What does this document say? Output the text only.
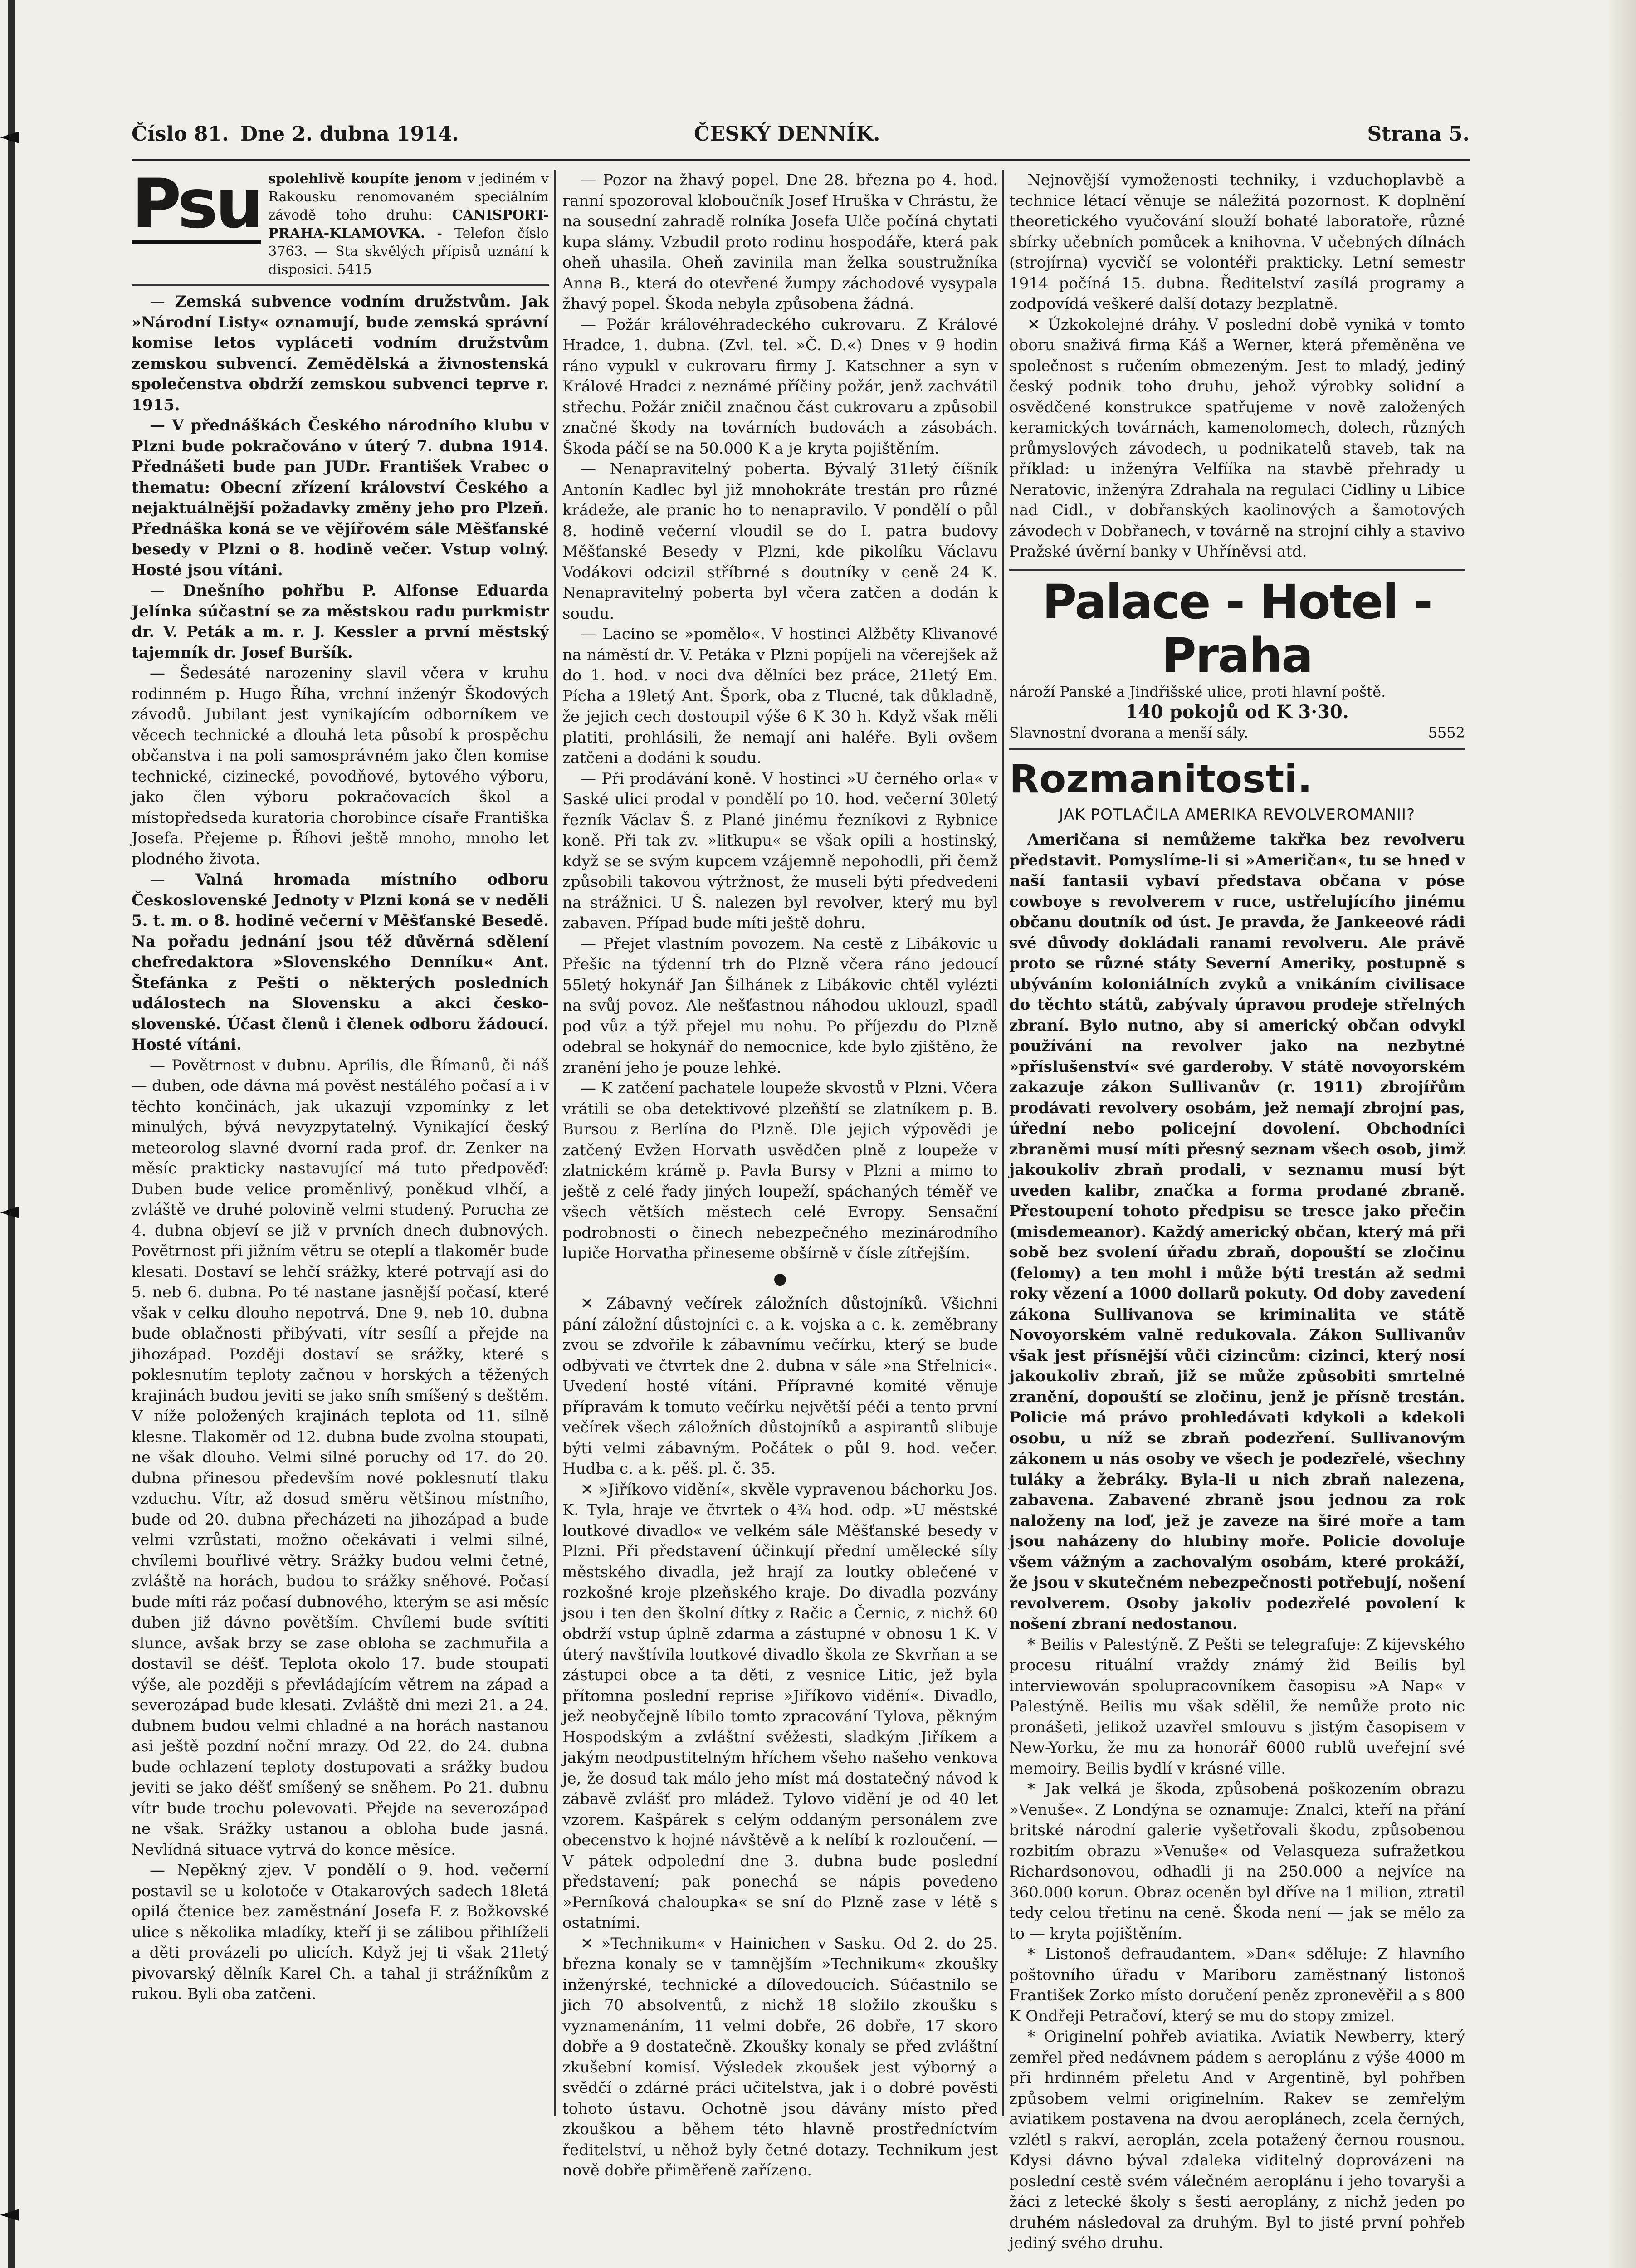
Číslo 81. Dne 2. dubna 1914.	ČESKÝ DENNÍK.	Strana 5.
Psu spolehlivě koupíte jenom v jediném v Rakousku renomovaném speciálním závodě toho druhu: CANISPORT-PRAHA-KLAMOVKA. - Telefon číslo 3763. — Sta skvělých přípisů uznání k disposici. 5415

— Zemská subvence vodním družstvům. Jak »Národní Listy« oznamují, bude zemská správní komise letos vypláceti vodním družstvům zemskou subvencí. Zemědělská a živnostenská společenstva obdrží zemskou subvenci teprve r. 1915.

— V přednáškách Českého národního klubu v Plzni bude pokračováno v úterý 7. dubna 1914. Přednášeti bude pan JUDr. František Vrabec o thematu: Obecní zřízení království Českého a nejaktuálnější požadavky změny jeho pro Plzeň. Přednáška koná se ve vějířovém sále Měšťanské besedy v Plzni o 8. hodině večer. Vstup volný. Hosté jsou vítáni.

— Dnešního pohřbu P. Alfonse Eduarda Jelínka súčastní se za městskou radu purkmistr dr. V. Peták a m. r. J. Kessler a první městský tajemník dr. Josef Buršík.

— Šedesáté narozeniny slavil včera v kruhu rodinném p. Hugo Říha, vrchní inženýr Škodových závodů. Jubilant jest vynikajícím odborníkem ve věcech technické a dlouhá leta působí k prospěchu občanstva i na poli samosprávném jako člen komise technické, cizinecké, povodňové, bytového výboru, jako člen výboru pokračovacích škol a místopředseda kuratoria chorobince císaře Františka Josefa. Přejeme p. Říhovi ještě mnoho, mnoho let plodného života.

— Valná hromada místního odboru Československé Jednoty v Plzni koná se v neděli 5. t. m. o 8. hodině večerní v Měšťanské Besedě. Na pořadu jednání jsou též důvěrná sdělení chefredaktora »Slovenského Denníku« Ant. Štefánka z Pešti o některých posledních událostech na Slovensku a akci česko-slovenské. Účast členů i členek odboru žádoucí. Hosté vítáni.

— Povětrnost v dubnu. Aprilis, dle Římanů, či náš — duben, ode dávna má pověst nestálého počasí a i v těchto končinách, jak ukazují vzpomínky z let minulých, bývá nevyzpytatelný. Vynikající český meteorolog slavné dvorní rada prof. dr. Zenker na měsíc prakticky nastavující má tuto předpověď: Duben bude velice proměnlivý, poněkud vlhčí, a zvláště ve druhé polovině velmi studený. Porucha ze 4. dubna objeví se již v prvních dnech dubnových. Povětrnost při jižním větru se oteplí a tlakoměr bude klesati. Dostaví se lehčí srážky, které potrvají asi do 5. neb 6. dubna. Po té nastane jasnější počasí, které však v celku dlouho nepotrvá. Dne 9. neb 10. dubna bude oblačnosti přibývati, vítr sesílí a přejde na jihozápad. Později dostaví se srážky, které s poklesnutím teploty začnou v horských a těžených krajinách budou jeviti se jako sníh smíšený s deštěm. V níže položených krajinách teplota od 11. silně klesne. Tlakoměr od 12. dubna bude zvolna stoupati, ne však dlouho. Velmi silné poruchy od 17. do 20. dubna přinesou především nové poklesnutí tlaku vzduchu. Vítr, až dosud směru většinou místního, bude od 20. dubna přecházeti na jihozápad a bude velmi vzrůstati, možno očekávati i velmi silné, chvílemi bouřlivé větry. Srážky budou velmi četné, zvláště na horách, budou to srážky sněhové. Počasí bude míti ráz počasí dubnového, kterým se asi měsíc duben již dávno povětším. Chvílemi bude svítiti slunce, avšak brzy se zase obloha se zachmuřila a dostavil se déšť. Teplota okolo 17. bude stoupati výše, ale později s převládajícím větrem na západ a severozápad bude klesati. Zvláště dni mezi 21. a 24. dubnem budou velmi chladné a na horách nastanou asi ještě pozdní noční mrazy. Od 22. do 24. dubna bude ochlazení teploty dostupovati a srážky budou jeviti se jako déšť smíšený se sněhem. Po 21. dubnu vítr bude trochu polevovati. Přejde na severozápad ne však. Srážky ustanou a obloha bude jasná. Nevlídná situace vytrvá do konce měsíce.

— Nepěkný zjev. V pondělí o 9. hod. večerní postavil se u kolotoče v Otakarových sadech 18letá opilá čtenice bez zaměstnání Josefa F. z Božkovské ulice s několika mladíky, kteří ji se zálibou přihlíželi a děti provázeli po ulicích. Když jej ti však 21letý pivovarský dělník Karel Ch. a tahal ji strážníkům z rukou. Byli oba zatčeni.

— Pozor na žhavý popel. Dne 28. března po 4. hod. ranní spozoroval kloboučník Josef Hruška v Chrástu, že na sousední zahradě rolníka Josefa Ulče počíná chytati kupa slámy. Vzbudil proto rodinu hospodáře, která pak oheň uhasila. Oheň zavinila man želka soustružníka Anna B., která do otevřené žumpy záchodové vysypala žhavý popel. Škoda nebyla způsobena žádná.

— Požár královéhradeckého cukrovaru. Z Králové Hradce, 1. dubna. (Zvl. tel. »Č. D.«) Dnes v 9 hodin ráno vypukl v cukrovaru firmy J. Katschner a syn v Králové Hradci z neznámé příčiny požár, jenž zachvátil střechu. Požár zničil značnou část cukrovaru a způsobil značné škody na továrních budovách a zásobách. Škoda páčí se na 50.000 K a je kryta pojištěním.

— Nenapravitelný poberta. Bývalý 31letý číšník Antonín Kadlec byl již mnohokráte trestán pro různé krádeže, ale pranic ho to nenapravilo. V pondělí o půl 8. hodině večerní vloudil se do I. patra budovy Měšťanské Besedy v Plzni, kde pikolíku Václavu Vodákovi odcizil stříbrné s doutníky v ceně 24 K. Nenapravitelný poberta byl včera zatčen a dodán k soudu.

— Lacino se »pomělo«. V hostinci Alžběty Klivanové na náměstí dr. V. Petáka v Plzni popíjeli na včerejšek až do 1. hod. v noci dva dělníci bez práce, 21letý Em. Pícha a 19letý Ant. Špork, oba z Tlucné, tak důkladně, že jejich cech dostoupil výše 6 K 30 h. Když však měli platiti, prohlásili, že nemají ani haléře. Byli ovšem zatčeni a dodáni k soudu.

— Při prodávání koně. V hostinci »U černého orla« v Saské ulici prodal v pondělí po 10. hod. večerní 30letý řezník Václav Š. z Plané jinému řezníkovi z Rybnice koně. Při tak zv. »litkupu« se však opili a hostinský, když se se svým kupcem vzájemně nepohodli, při čemž způsobili takovou výtržnost, že museli býti předvedeni na strážnici. U Š. nalezen byl revolver, který mu byl zabaven. Případ bude míti ještě dohru.

— Přejet vlastním povozem. Na cestě z Libákovic u Přešic na týdenní trh do Plzně včera ráno jedoucí 55letý hokynář Jan Šilhánek z Libákovic chtěl vylézti na svůj povoz. Ale nešťastnou náhodou uklouzl, spadl pod vůz a týž přejel mu nohu. Po příjezdu do Plzně odebral se hokynář do nemocnice, kde bylo zjištěno, že zranění jeho je pouze lehké.

— K zatčení pachatele loupeže skvostů v Plzni. Včera vrátili se oba detektivové plzeňští se zlatníkem p. B. Bursou z Berlína do Plzně. Dle jejich výpovědi je zatčený Evžen Horvath usvědčen plně z loupeže v zlatnickém krámě p. Pavla Bursy v Plzni a mimo to ještě z celé řady jiných loupeží, spáchaných téměř ve všech větších městech celé Evropy. Sensační podrobnosti o činech nebezpečného mezinárodního lupiče Horvatha přineseme obšírně v čísle zítřejším.

●

✕ Zábavný večírek záložních důstojníků. Všichni pání záložní důstojníci c. a k. vojska a c. k. zeměbrany zvou se zdvořile k zábavnímu večírku, který se bude odbývati ve čtvrtek dne 2. dubna v sále »na Střelnici«. Uvedení hosté vítáni. Přípravné komité věnuje přípravám k tomuto večírku největší péči a tento první večírek všech záložních důstojníků a aspirantů slibuje býti velmi zábavným. Počátek o půl 9. hod. večer. Hudba c. a k. pěš. pl. č. 35.

✕ »Jiříkovo vidění«, skvěle vypravenou báchorku Jos. K. Tyla, hraje ve čtvrtek o 4¾ hod. odp. »U městské loutkové divadlo« ve velkém sále Měšťanské besedy v Plzni. Při představení účinkují přední umělecké síly městského divadla, jež hrají za loutky oblečené v rozkošné kroje plzeňského kraje. Do divadla pozvány jsou i ten den školní dítky z Račic a Černic, z nichž 60 obdrží vstup úplně zdarma a zástupné v obnosu 1 K. V úterý navštívila loutkové divadlo škola ze Skvrňan a se zástupci obce a ta děti, z vesnice Litic, jež byla přítomna poslední reprise »Jiříkovo vidění«. Divadlo, jež neobyčejně líbilo tomto zpracování Tylova, pěkným Hospodským a zvláštní svěžesti, sladkým Jiříkem a jakým neodpustitelným hříchem všeho našeho venkova je, že dosud tak málo jeho míst má dostatečný návod k zábavě zvlášť pro mládež. Tylovo vidění je od 40 let vzorem. Kašpárek s celým oddaným personálem zve obecenstvo k hojné návštěvě a k nelíbí k rozloučení. — V pátek odpolední dne 3. dubna bude poslední představení; pak ponechá se nápis povedeno »Perníková chaloupka« se sní do Plzně zase v létě s ostatními.

✕ »Technikum« v Hainichen v Sasku. Od 2. do 25. března konaly se v tamnějším »Technikum« zkoušky inženýrské, technické a dílovedoucích. Súčastnilo se jich 70 absolventů, z nichž 18 složilo zkoušku s vyznamenáním, 11 velmi dobře, 26 dobře, 17 skoro dobře a 9 dostatečně. Zkoušky konaly se před zvláštní zkušební komisí. Výsledek zkoušek jest výborný a svědčí o zdárné práci učitelstva, jak i o dobré pověsti tohoto ústavu. Ochotně jsou dávány místo před zkouškou a během této hlavně prostředníctvím ředitelství, u něhož byly četné dotazy. Technikum jest nově dobře přiměřeně zařízeno.

Nejnovější vymoženosti techniky, i vzduchoplavbě a technice létací věnuje se náležitá pozornost. K doplnění theoretického vyučování slouží bohaté laboratoře, různé sbírky učebních pomůcek a knihovna. V učebných dílnách (strojírna) vycvičí se volontéři prakticky. Letní semestr 1914 počíná 15. dubna. Ředitelství zasílá programy a zodpovídá veškeré další dotazy bezplatně.

✕ Úzkokolejné dráhy. V poslední době vyniká v tomto oboru snaživá firma Káš a Werner, která přeměněna ve společnost s ručením obmezeným. Jest to mladý, jediný český podnik toho druhu, jehož výrobky solidní a osvědčené konstrukce spatřujeme v nově založených keramických továrnách, kamenolomech, dolech, různých průmyslových závodech, u podnikatelů staveb, tak na příklad: u inženýra Velfííka na stavbě přehrady u Neratovic, inženýra Zdrahala na regulaci Cidliny u Libice nad Cidl., v dobřanských kaolinových a šamotových závodech v Dobřanech, v továrně na strojní cihly a stavivo Pražské úvěrní banky v Uhříněvsi atd.

Palace - Hotel - Praha
nároží Panské a Jindřišské ulice, proti hlavní poště.
140 pokojů od K 3·30.
Slavnostní dvorana a menší sály.	5552
Rozmanitosti.
JAK POTLAČILA AMERIKA REVOLVEROMANII?

Američana si nemůžeme takřka bez revolveru představit. Pomyslíme-li si »Američan«, tu se hned v naší fantasii vybaví představa občana v póse cowboye s revolverem v ruce, ustřelujícího jinému občanu doutník od úst. Je pravda, že Jankeeové rádi své důvody dokládali ranami revolveru. Ale právě proto se různé státy Severní Ameriky, postupně s ubýváním koloniálních zvyků a vnikáním civilisace do těchto států, zabývaly úpravou prodeje střelných zbraní. Bylo nutno, aby si americký občan odvykl používání na revolver jako na nezbytné »příslušenství« své garderoby. V státě novoyorském zakazuje zákon Sullivanův (r. 1911) zbrojířům prodávati revolvery osobám, jež nemají zbrojní pas, úřední nebo policejní dovolení. Obchodníci zbraněmi musí míti přesný seznam všech osob, jimž jakoukoliv zbraň prodali, v seznamu musí být uveden kalibr, značka a forma prodané zbraně. Přestoupení tohoto předpisu se tresce jako přečin (misdemeanor). Každý americký občan, který má při sobě bez svolení úřadu zbraň, dopouští se zločinu (felomy) a ten mohl i může býti trestán až sedmi roky vězení a 1000 dollarů pokuty. Od doby zavedení zákona Sullivanova se kriminalita ve státě Novoyorském valně redukovala. Zákon Sullivanův však jest přísnější vůči cizincům: cizinci, který nosí jakoukoliv zbraň, již se může způsobiti smrtelné zranění, dopouští se zločinu, jenž je přísně trestán. Policie má právo prohledávati kdykoli a kdekoli osobu, u níž se zbraň podezření. Sullivanovým zákonem u nás osoby ve všech je podezřelé, všechny tuláky a žebráky. Byla-li u nich zbraň nalezena, zabavena. Zabavené zbraně jsou jednou za rok naloženy na loď, jež je zaveze na širé moře a tam jsou naházeny do hlubiny moře. Policie dovoluje všem vážným a zachovalým osobám, které prokáží, že jsou v skutečném nebezpečnosti potřebují, nošení revolverem. Osoby jakoliv podezřelé povolení k nošení zbraní nedostanou.

* Beilis v Palestýně. Z Pešti se telegrafuje: Z kijevského procesu rituální vraždy známý žid Beilis byl interviewován spolupracovníkem časopisu »A Nap« v Palestýně. Beilis mu však sdělil, že nemůže proto nic pronášeti, jelikož uzavřel smlouvu s jistým časopisem v New-Yorku, že mu za honorář 6000 rublů uveřejní své memoiry. Beilis bydlí v krásné ville.

* Jak velká je škoda, způsobená poškozením obrazu »Venuše«. Z Londýna se oznamuje: Znalci, kteří na přání britské národní galerie vyšetřovali škodu, způsobenou rozbitím obrazu »Venuše« od Velasqueza sufražetkou Richardsonovou, odhadli ji na 250.000 a nejvíce na 360.000 korun. Obraz oceněn byl dříve na 1 milion, ztratil tedy celou třetinu na ceně. Škoda není — jak se mělo za to — kryta pojištěním.

* Listonoš defraudantem. »Dan« sděluje: Z hlavního poštovního úřadu v Mariboru zaměstnaný listonoš František Zorko místo doručení peněz zpronevěřil a s 800 K Ondřeji Petračoví, který se mu do stopy zmizel.

* Originelní pohřeb aviatika. Aviatik Newberry, který zemřel před nedávnem pádem s aeroplánu z výše 4000 m při hrdinném přeletu And v Argentině, byl pohřben způsobem velmi originelním. Rakev se zemřelým aviatikem postavena na dvou aeroplánech, zcela černých, vzlétl s rakví, aeroplán, zcela potažený černou rousnou. Kdysi dávno býval zdaleka viditelný doprovázeni na poslední cestě svém válečném aeroplánu i jeho tovaryši a žáci z letecké školy s šesti aeroplány, z nichž jeden po druhém následoval za druhým. Byl to jisté první pohřeb jediný svého druhu.
